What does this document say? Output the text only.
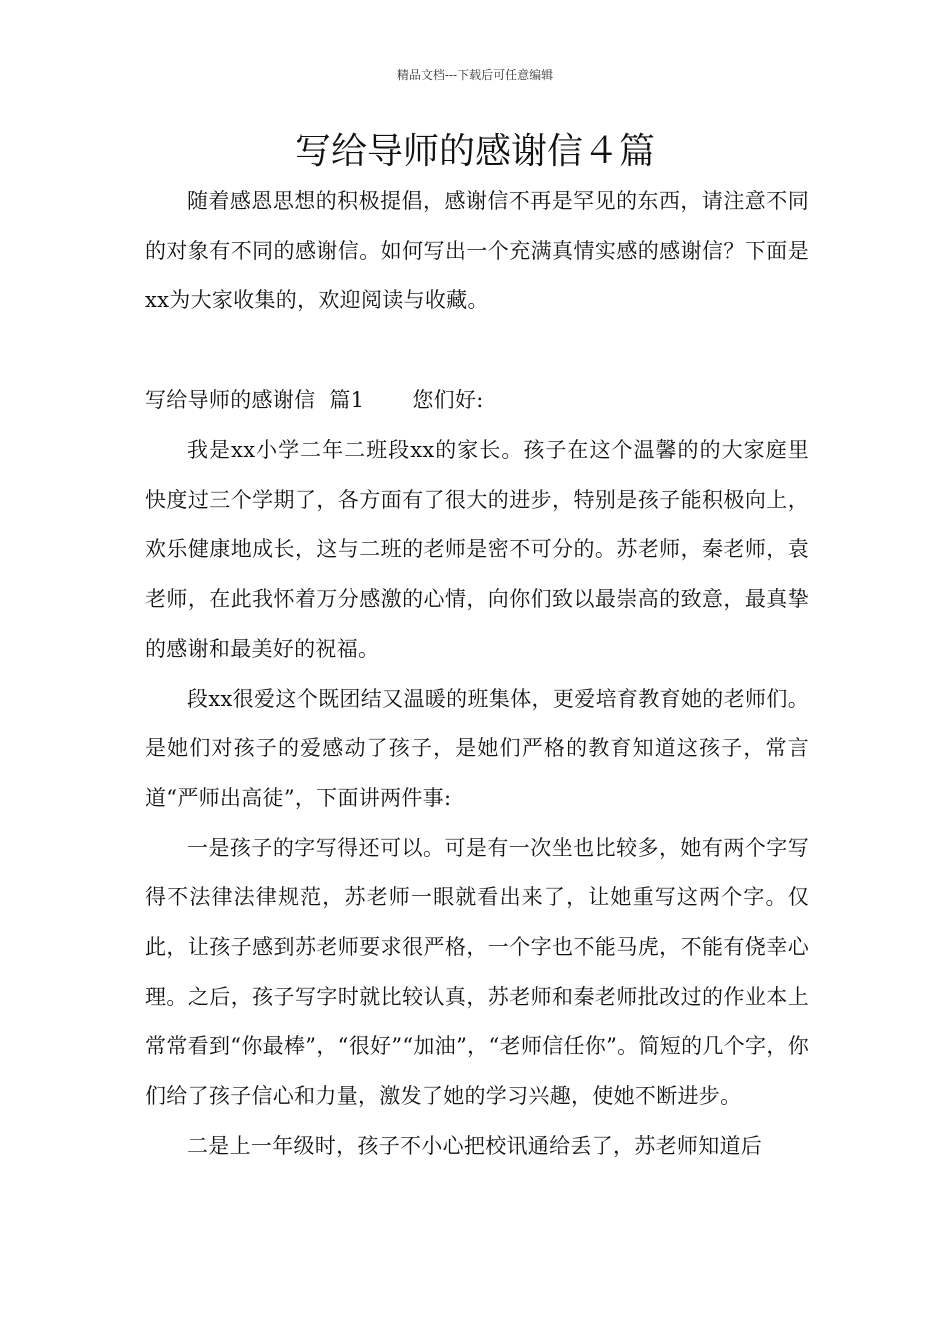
精品文档---下载后可任意编辑
写给导师的感谢信４篇

随着感恩思想的积极提倡，感谢信不再是罕见的东西，请注意不同的对象有不同的感谢信。如何写出一个充满真情实感的感谢信？下面是xx为大家收集的，欢迎阅读与收藏。

写给导师的感谢信  篇1 您们好:

我是xx小学二年二班段xx的家长。孩子在这个温馨的的大家庭里快度过三个学期了，各方面有了很大的进步，特别是孩子能积极向上，欢乐健康地成长，这与二班的老师是密不可分的。苏老师，秦老师，袁老师，在此我怀着万分感激的心情，向你们致以最崇高的致意，最真挚的感谢和最美好的祝福。

段xx很爱这个既团结又温暖的班集体，更爱培育教育她的老师们。是她们对孩子的爱感动了孩子，是她们严格的教育知道这孩子，常言道“严师出高徒”，下面讲两件事:

一是孩子的字写得还可以。可是有一次坐也比较多，她有两个字写得不法律法律规范，苏老师一眼就看出来了，让她重写这两个字。仅此，让孩子感到苏老师要求很严格，一个字也不能马虎，不能有侥幸心理。之后，孩子写字时就比较认真，苏老师和秦老师批改过的作业本上常常看到“你最棒”，“很好”“加油”，“老师信任你”。简短的几个字，你们给了孩子信心和力量，激发了她的学习兴趣，使她不断进步。

二是上一年级时，孩子不小心把校讯通给丢了，苏老师知道后
